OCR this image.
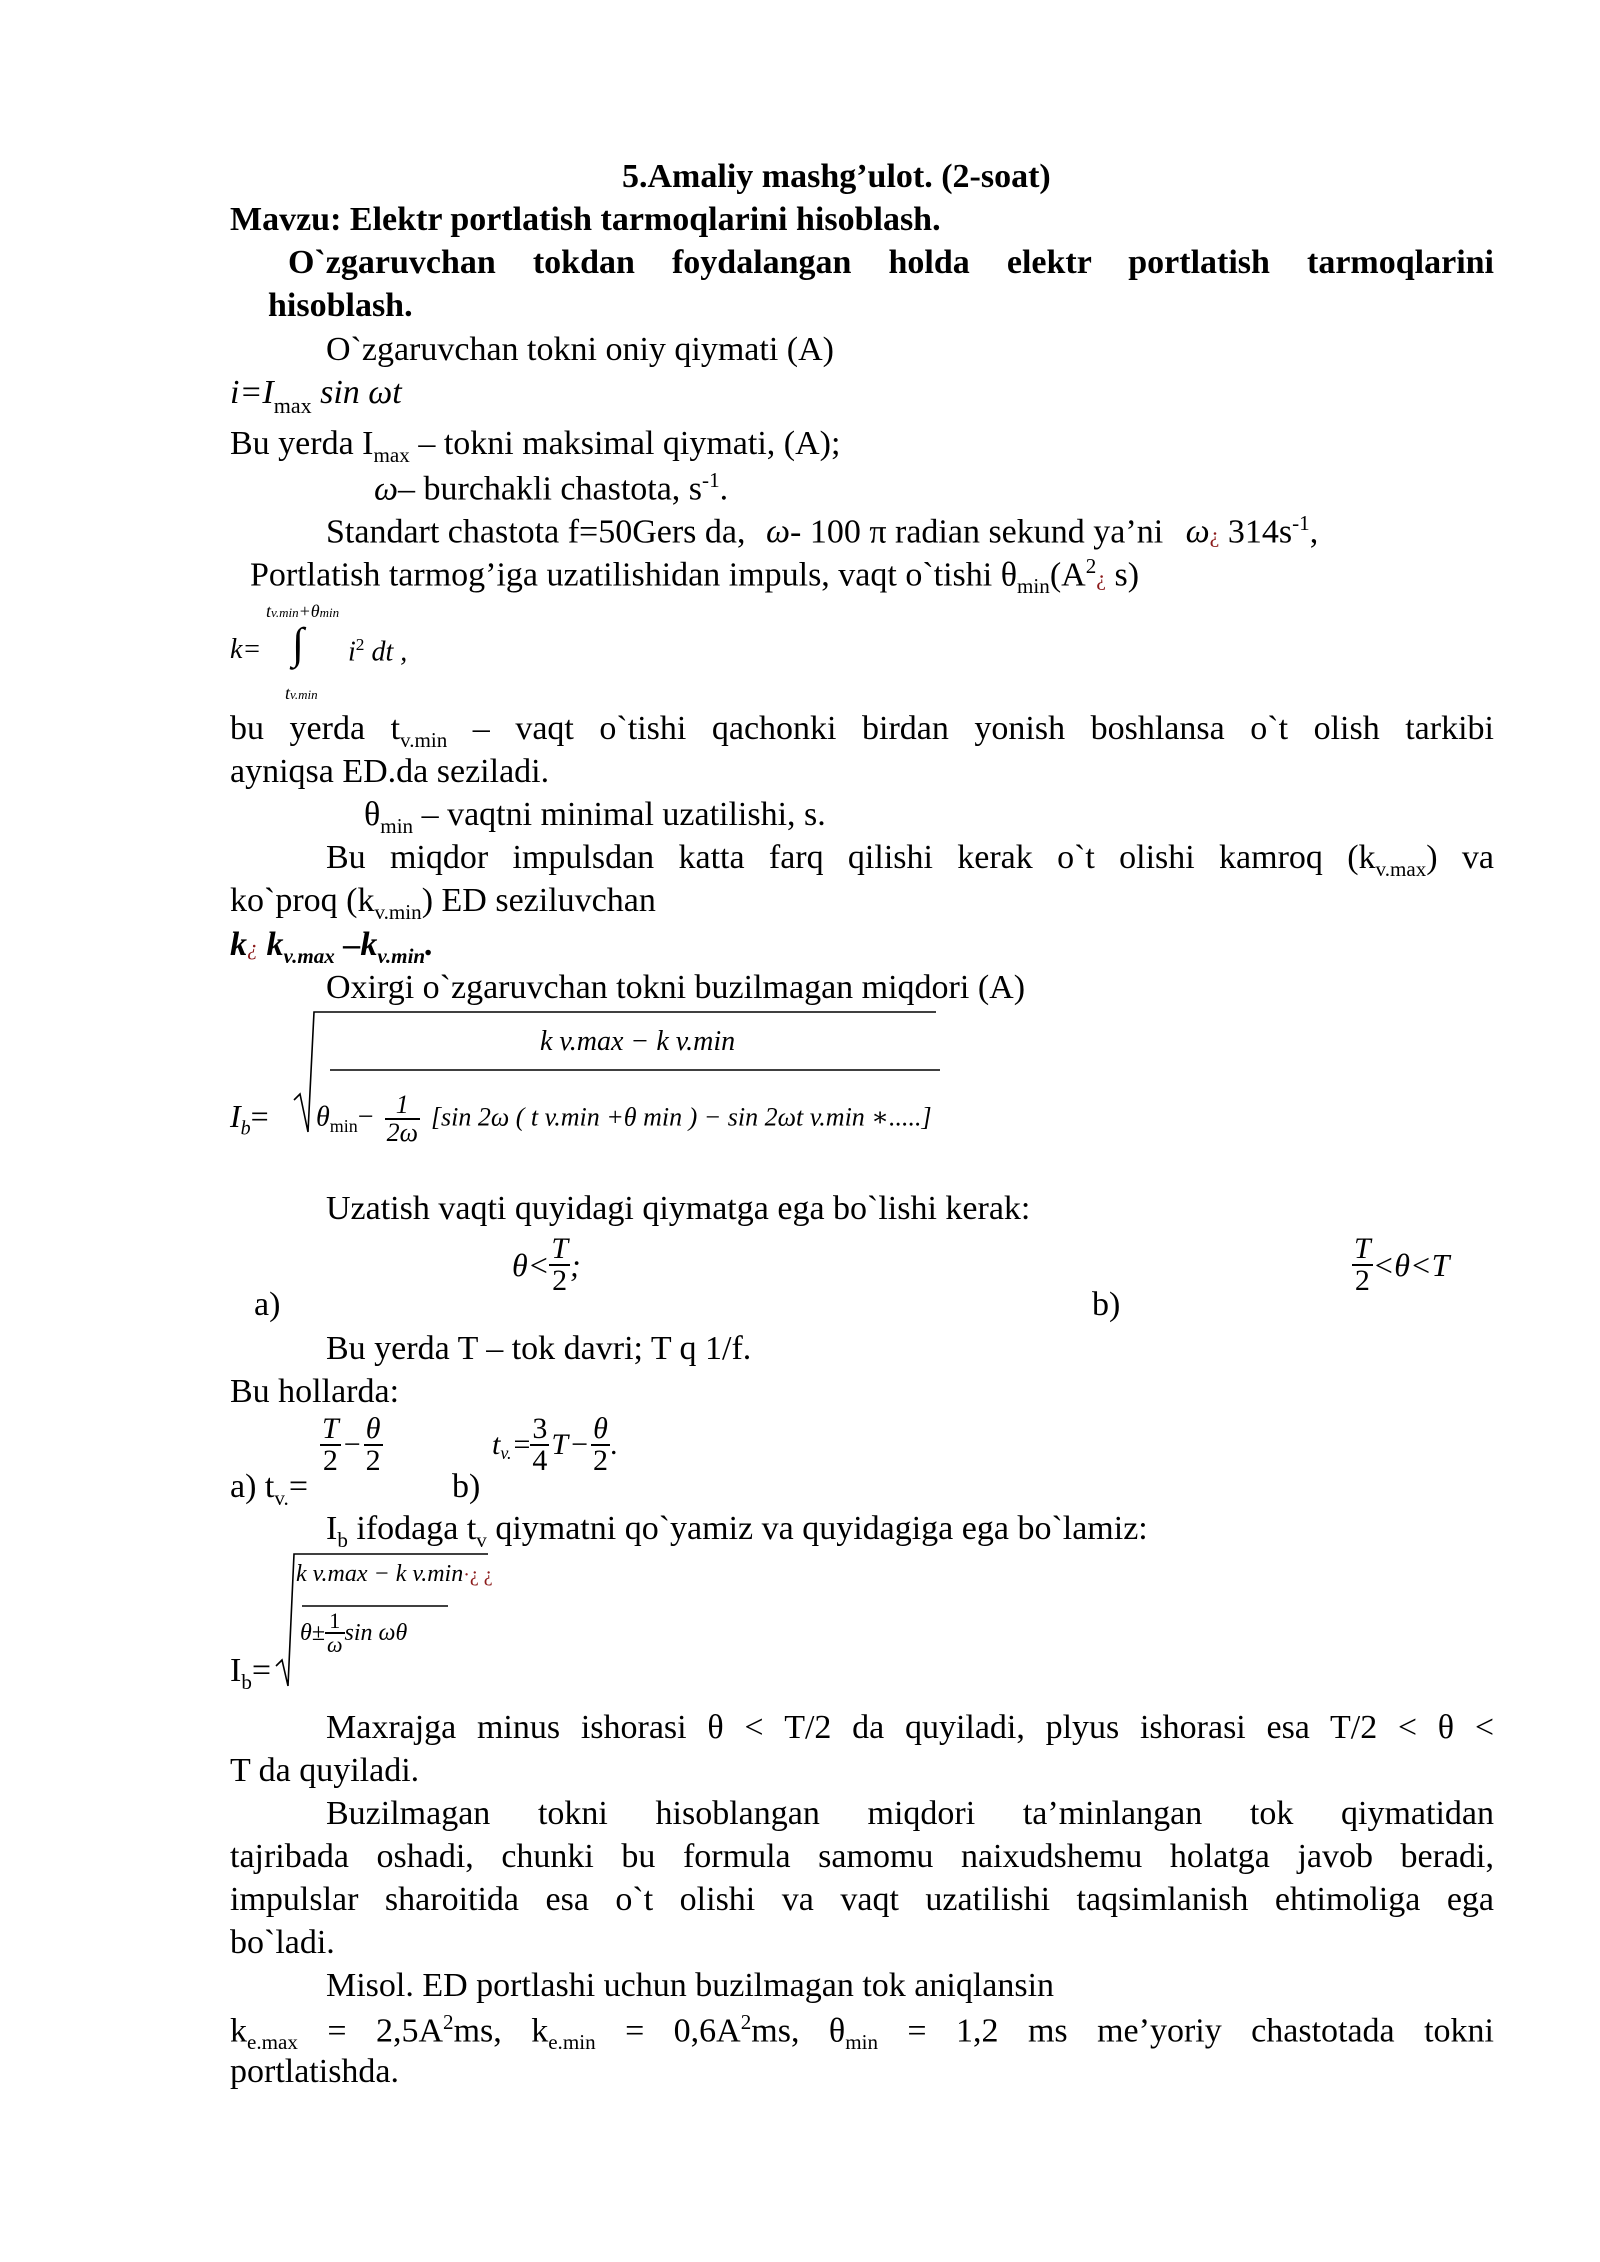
5.Amaliy mashg’ulot. (2-soat)
Mavzu: Elektr portlatish tarmoqlarini hisoblash.
O`zgaruvchan tokdan foydalangan holda elektr portlatish tarmoqlarini
hisoblash.
O`zgaruvchan tokni oniy qiymati (A)
$i=I_{max}$ sin ωt
Bu yerda $I_{max}$ – tokni maksimal qiymati, (A);
ω– burchakli chastota, $s^{-1}$.
Standart chastota f=50Gers da, ω- 100 π radian sekund ya’ni ω¿ $314s^{-1}$,
Portlatish tarmog’iga uzatilishidan impuls, vaqt o`tishi $\theta_{min}(A^2¿$ s)
tv.min+θmin
k= ∫ $i^2$ dt ,
tv.min
bu yerda $t_{v.min}$ – vaqt o`tishi qachonki birdan yonish boshlansa o`t olish tarkibi
ayniqsa ED.da seziladi.
$\theta_{min}$ – vaqtni minimal uzatilishi, s.
Bu miqdor impulsdan katta farq qilishi kerak o`t olishi kamroq $(k_{v.max})$ va
ko`proq $(k_{v.min})$ ED seziluvchan
k¿ $k_{v.max}$ $-k_{v.min}$.
Oxirgi o`zgaruvchan tokni buzilmagan miqdori (A)
$I_b=$
k v.max − k v.min
$\theta_{min}- \frac{1}{2\omega} [\sin$ 2ω ( t v.min +θ min ) − sin 2ωt v.min ∗.....]
Uzatish vaqti quyidagi qiymatga ega bo`lishi kerak:
$\theta< \frac{T}{2}$ ;
a)	b)
$\frac{T}{2} <\theta<T$
Bu yerda T – tok davri; T q 1/f.
Bu hollarda:
a) $t_{v.}=$
$\frac{T}{2} - \frac{\theta}{2}$
b)
$t_{v.}= \frac{3}{4}$ $T - \frac{\theta}{2}$ .
$I_b$ ifodaga $t_v$ qiymatni qo`yamiz va quyidagiga ega bo`lamiz:
k v.max − k v.min·¿ ¿
$\theta\pm \frac{1}{\omega}$ sin ωθ
$I_b=$
Maxrajga minus ishorasi θ < T/2 da quyiladi, plyus ishorasi esa T/2 < θ <
T da quyiladi.
Buzilmagan tokni hisoblangan miqdori ta’minlangan tok qiymatidan
tajribada oshadi, chunki bu formula samomu naixudshemu holatga javob beradi,
impulslar sharoitida esa o`t olishi va vaqt uzatilishi taqsimlanish ehtimoliga ega
bo`ladi.
Misol. ED portlashi uchun buzilmagan tok aniqlansin
$k_{e.max} = 2,5A^2ms$, $k_{e.min} = 0,6A^2ms$, $\theta_{min} = 1,2$ ms me’yoriy chastotada tokni
portlatishda.
